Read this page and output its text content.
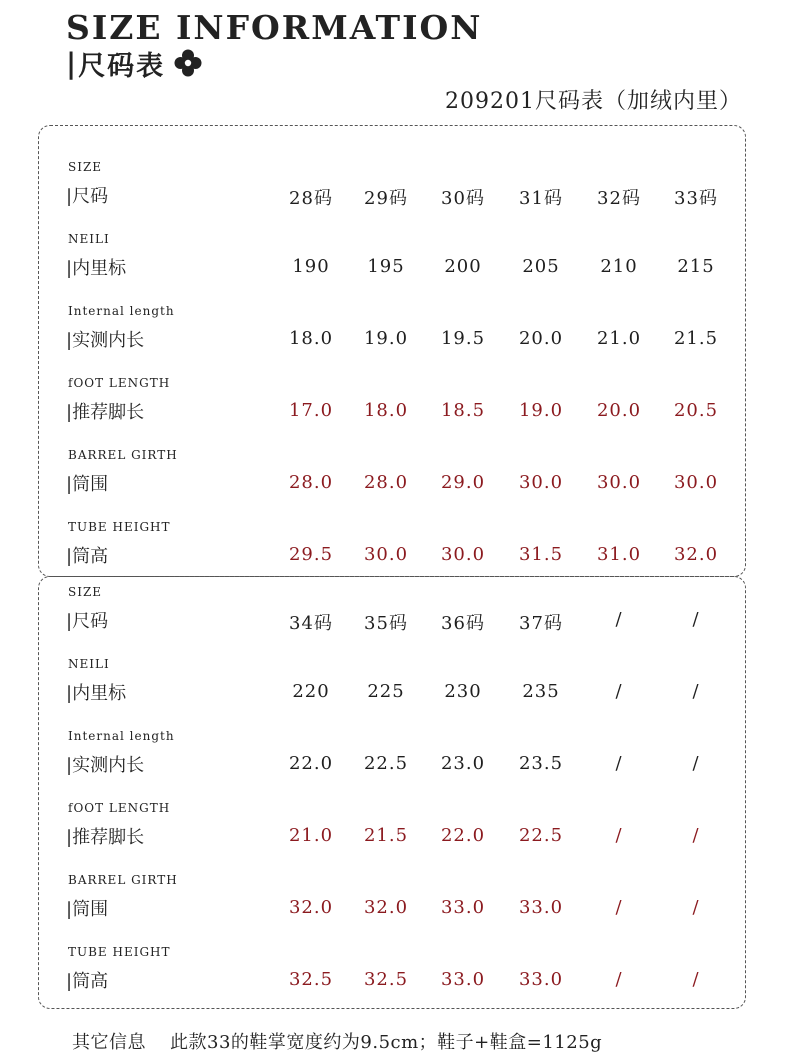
SIZE INFORMATION
| 尺码表
209201尺码表（加绒内里）
SIZE
|尺码	28码	29码	30码	31码	32码	33码
NEILI
|内里标	190	195	200	205	210	215
Internal length
|实测内长	18.0	19.0	19.5	20.0	21.0	21.5
fOOT LENGTH
|推荐脚长	17.0	18.0	18.5	19.0	20.0	20.5
BARREL GIRTH
|筒围	28.0	28.0	29.0	30.0	30.0	30.0
TUBE HEIGHT
|筒高	29.5	30.0	30.0	31.5	31.0	32.0
SIZE
|尺码	34码	35码	36码	37码	/	/
NEILI
|内里标	220	225	230	235	/	/
Internal length
|实测内长	22.0	22.5	23.0	23.5	/	/
fOOT LENGTH
|推荐脚长	21.0	21.5	22.0	22.5	/	/
BARREL GIRTH
|筒围	32.0	32.0	33.0	33.0	/	/
TUBE HEIGHT
|筒高	32.5	32.5	33.0	33.0	/	/
其它信息 此款33的鞋掌宽度约为9.5cm；鞋子+鞋盒=1125g
